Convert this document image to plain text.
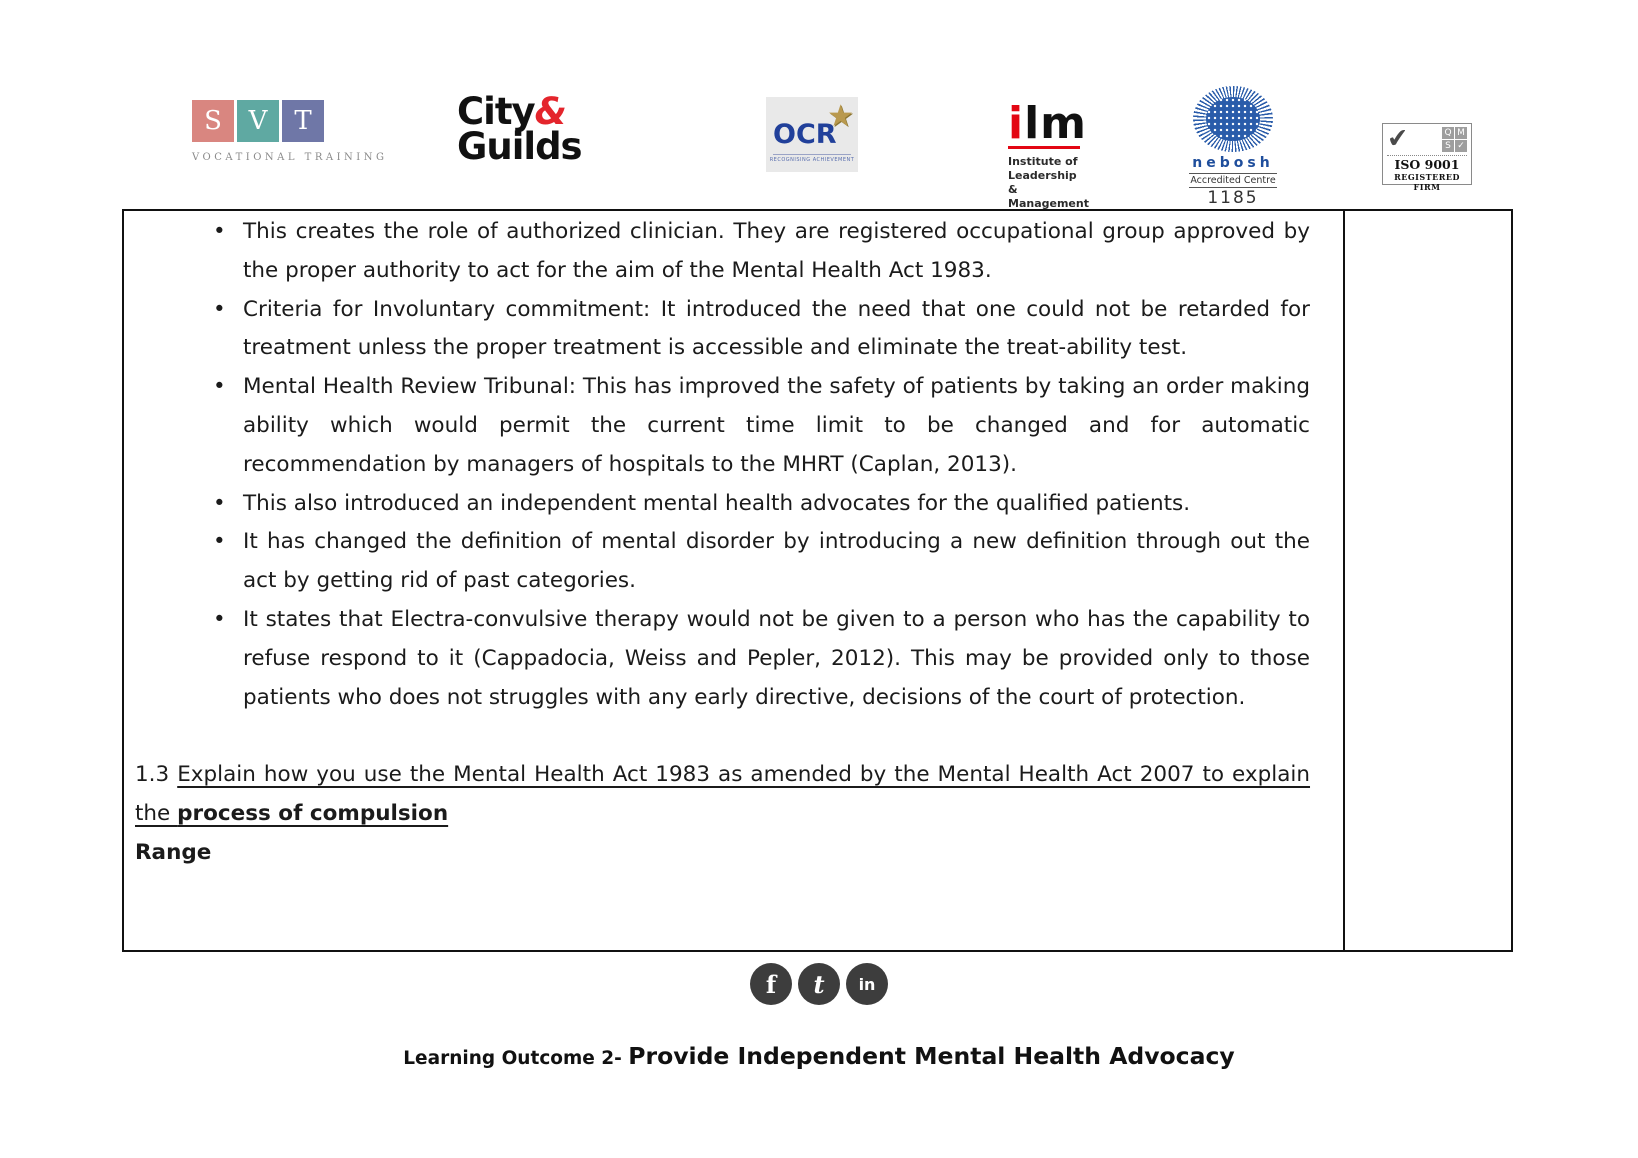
S	V	T
VOCATIONAL TRAINING
City&
Guilds	OCR
★
RECOGNISING ACHIEVEMENT
ilm
Institute of
Leadership &
Management
nebosh
Accredited Centre
1185
✔	Q M
S ✓
ISO 9001
REGISTERED FIRM
• This creates the role of authorized clinician. They are registered occupational group approved by the proper authority to act for the aim of the Mental Health Act 1983.
• Criteria for Involuntary commitment: It introduced the need that one could not be retarded for treatment unless the proper treatment is accessible and eliminate the treat-ability test.
• Mental Health Review Tribunal: This has improved the safety of patients by taking an order making ability which would permit the current time limit to be changed and for automatic recommendation by managers of hospitals to the MHRT (Caplan, 2013).
• This also introduced an independent mental health advocates for the qualified patients.
• It has changed the definition of mental disorder by introducing a new definition through out the act by getting rid of past categories.
• It states that Electra-convulsive therapy would not be given to a person who has the capability to refuse respond to it (Cappadocia, Weiss and Pepler, 2012). This may be provided only to those patients who does not struggles with any early directive, decisions of the court of protection.

1.3 Explain how you use the Mental Health Act 1983 as amended by the Mental Health Act 2007 to explain the process of compulsion

Range

f t in
Learning Outcome 2- Provide Independent Mental Health Advocacy
